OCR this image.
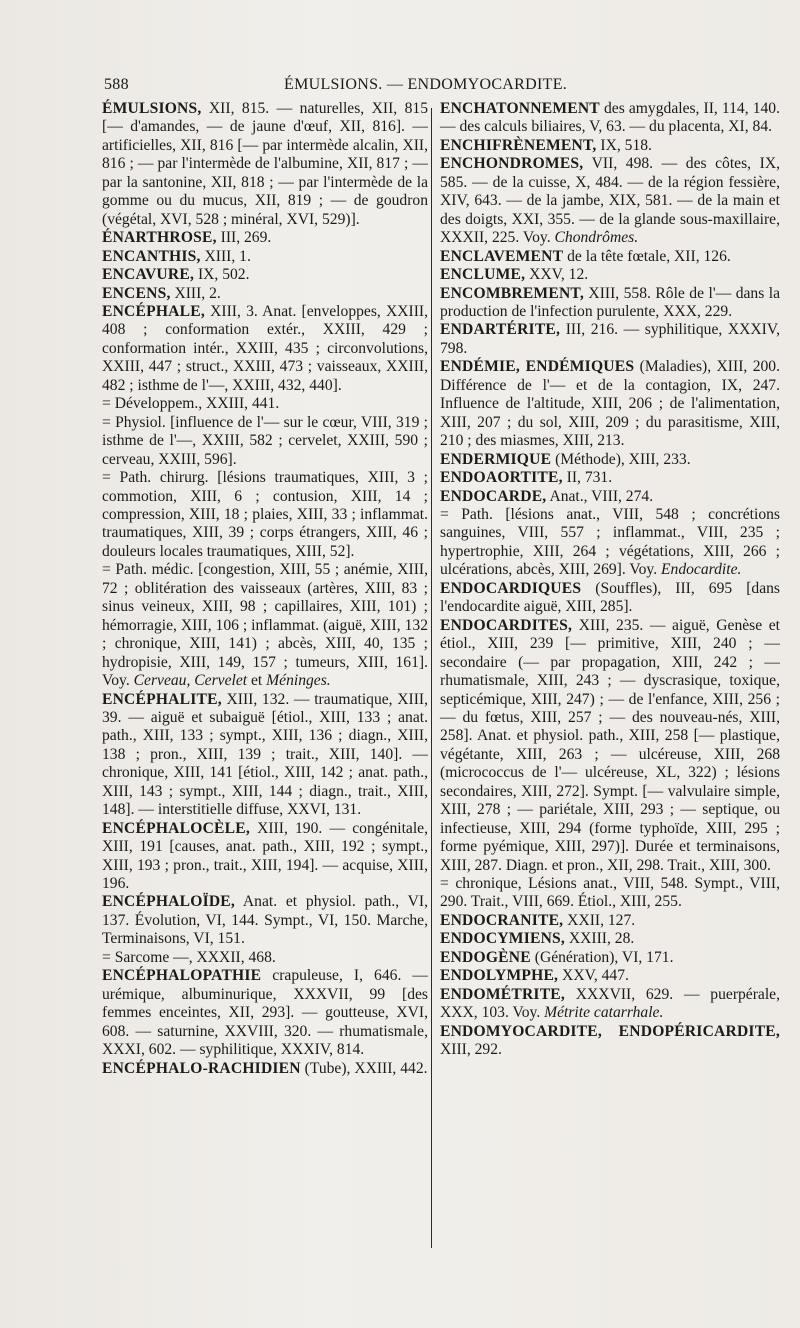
588	ÉMULSIONS. — ENDOMYOCARDITE.

ÉMULSIONS, XII, 815. — naturelles, XII, 815 [— d'amandes, — de jaune d'œuf, XII, 816]. — artificielles, XII, 816 [— par intermède alcalin, XII, 816 ; — par l'intermède de l'albumine, XII, 817 ; — par la santonine, XII, 818 ; — par l'intermède de la gomme ou du mucus, XII, 819 ; — de goudron (végétal, XVI, 528 ; minéral, XVI, 529)].

ÉNARTHROSE, III, 269.

ENCANTHIS, XIII, 1.

ENCAVURE, IX, 502.

ENCENS, XIII, 2.

ENCÉPHALE, XIII, 3. Anat. [enveloppes, XXIII, 408 ; conformation extér., XXIII, 429 ; conformation intér., XXIII, 435 ; circonvolutions, XXIII, 447 ; struct., XXIII, 473 ; vaisseaux, XXIII, 482 ; isthme de l'—, XXIII, 432, 440].

= Développem., XXIII, 441.

= Physiol. [influence de l'— sur le cœur, VIII, 319 ; isthme de l'—, XXIII, 582 ; cervelet, XXIII, 590 ; cerveau, XXIII, 596].

= Path. chirurg. [lésions traumatiques, XIII, 3 ; commotion, XIII, 6 ; contusion, XIII, 14 ; compression, XIII, 18 ; plaies, XIII, 33 ; inflammat. traumatiques, XIII, 39 ; corps étrangers, XIII, 46 ; douleurs locales traumatiques, XIII, 52].

= Path. médic. [congestion, XIII, 55 ; anémie, XIII, 72 ; oblitération des vaisseaux (artères, XIII, 83 ; sinus veineux, XIII, 98 ; capillaires, XIII, 101) ; hémorragie, XIII, 106 ; inflammat. (aiguë, XIII, 132 ; chronique, XIII, 141) ; abcès, XIII, 40, 135 ; hydropisie, XIII, 149, 157 ; tumeurs, XIII, 161]. Voy. Cerveau, Cervelet et Méninges.

ENCÉPHALITE, XIII, 132. — traumatique, XIII, 39. — aiguë et subaiguë [étiol., XIII, 133 ; anat. path., XIII, 133 ; sympt., XIII, 136 ; diagn., XIII, 138 ; pron., XIII, 139 ; trait., XIII, 140]. — chronique, XIII, 141 [étiol., XIII, 142 ; anat. path., XIII, 143 ; sympt., XIII, 144 ; diagn., trait., XIII, 148]. — interstitielle diffuse, XXVI, 131.

ENCÉPHALOCÈLE, XIII, 190. — congénitale, XIII, 191 [causes, anat. path., XIII, 192 ; sympt., XIII, 193 ; pron., trait., XIII, 194]. — acquise, XIII, 196.

ENCÉPHALOÏDE, Anat. et physiol. path., VI, 137. Évolution, VI, 144. Sympt., VI, 150. Marche, Terminaisons, VI, 151.

= Sarcome —, XXXII, 468.

ENCÉPHALOPATHIE crapuleuse, I, 646. — urémique, albuminurique, XXXVII, 99 [des femmes enceintes, XII, 293]. — goutteuse, XVI, 608. — saturnine, XXVIII, 320. — rhumatismale, XXXI, 602. — syphilitique, XXXIV, 814.

ENCÉPHALO-RACHIDIEN (Tube), XXIII, 442.

ENCHATONNEMENT des amygdales, II, 114, 140. — des calculs biliaires, V, 63. — du placenta, XI, 84.

ENCHIFRÈNEMENT, IX, 518.

ENCHONDROMES, VII, 498. — des côtes, IX, 585. — de la cuisse, X, 484. — de la région fessière, XIV, 643. — de la jambe, XIX, 581. — de la main et des doigts, XXI, 355. — de la glande sous-maxillaire, XXXII, 225. Voy. Chondrômes.

ENCLAVEMENT de la tête fœtale, XII, 126.

ENCLUME, XXV, 12.

ENCOMBREMENT, XIII, 558. Rôle de l'— dans la production de l'infection purulente, XXX, 229.

ENDARTÉRITE, III, 216. — syphilitique, XXXIV, 798.

ENDÉMIE, ENDÉMIQUES (Maladies), XIII, 200. Différence de l'— et de la contagion, IX, 247. Influence de l'altitude, XIII, 206 ; de l'alimentation, XIII, 207 ; du sol, XIII, 209 ; du parasitisme, XIII, 210 ; des miasmes, XIII, 213.

ENDERMIQUE (Méthode), XIII, 233.

ENDOAORTITE, II, 731.

ENDOCARDE, Anat., VIII, 274.

= Path. [lésions anat., VIII, 548 ; concrétions sanguines, VIII, 557 ; inflammat., VIII, 235 ; hypertrophie, XIII, 264 ; végétations, XIII, 266 ; ulcérations, abcès, XIII, 269]. Voy. Endocardite.

ENDOCARDIQUES (Souffles), III, 695 [dans l'endocardite aiguë, XIII, 285].

ENDOCARDITES, XIII, 235. — aiguë, Genèse et étiol., XIII, 239 [— primitive, XIII, 240 ; — secondaire (— par propagation, XIII, 242 ; — rhumatismale, XIII, 243 ; — dyscrasique, toxique, septicémique, XIII, 247) ; — de l'enfance, XIII, 256 ; — du fœtus, XIII, 257 ; — des nouveau-nés, XIII, 258]. Anat. et physiol. path., XIII, 258 [— plastique, végétante, XIII, 263 ; — ulcéreuse, XIII, 268 (micrococcus de l'— ulcéreuse, XL, 322) ; lésions secondaires, XIII, 272]. Sympt. [— valvulaire simple, XIII, 278 ; — pariétale, XIII, 293 ; — septique, ou infectieuse, XIII, 294 (forme typhoïde, XIII, 295 ; forme pyémique, XIII, 297)]. Durée et terminaisons, XIII, 287. Diagn. et pron., XII, 298. Trait., XIII, 300.

= chronique, Lésions anat., VIII, 548. Sympt., VIII, 290. Trait., VIII, 669. Étiol., XIII, 255.

ENDOCRANITE, XXII, 127.

ENDOCYMIENS, XXIII, 28.

ENDOGÈNE (Génération), VI, 171.

ENDOLYMPHE, XXV, 447.

ENDOMÉTRITE, XXXVII, 629. — puerpérale, XXX, 103. Voy. Métrite catarrhale.

ENDOMYOCARDITE, ENDOPÉRICARDITE, XIII, 292.
